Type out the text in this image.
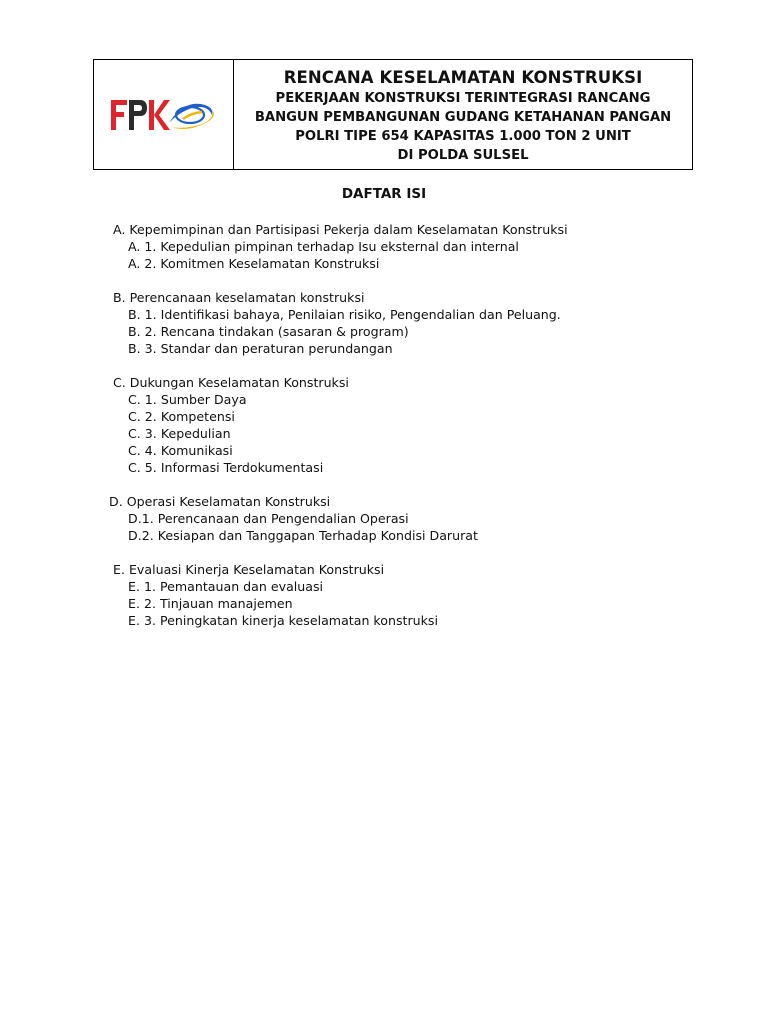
RENCANA KESELAMATAN KONSTRUKSI
PEKERJAAN KONSTRUKSI TERINTEGRASI RANCANG
BANGUN PEMBANGUNAN GUDANG KETAHANAN PANGAN
POLRI TIPE 654 KAPASITAS 1.000 TON 2 UNIT
DI POLDA SULSEL
DAFTAR ISI
A. Kepemimpinan dan Partisipasi Pekerja dalam Keselamatan Konstruksi
A. 1. Kepedulian pimpinan terhadap Isu eksternal dan internal
A. 2. Komitmen Keselamatan Konstruksi
B. Perencanaan keselamatan konstruksi
B. 1. Identifikasi bahaya, Penilaian risiko, Pengendalian dan Peluang.
B. 2. Rencana tindakan (sasaran & program)
B. 3. Standar dan peraturan perundangan
C. Dukungan Keselamatan Konstruksi
C. 1. Sumber Daya
C. 2. Kompetensi
C. 3. Kepedulian
C. 4. Komunikasi
C. 5. Informasi Terdokumentasi
D. Operasi Keselamatan Konstruksi
D.1. Perencanaan dan Pengendalian Operasi
D.2. Kesiapan dan Tanggapan Terhadap Kondisi Darurat
E. Evaluasi Kinerja Keselamatan Konstruksi
E. 1. Pemantauan dan evaluasi
E. 2. Tinjauan manajemen
E. 3. Peningkatan kinerja keselamatan konstruksi
